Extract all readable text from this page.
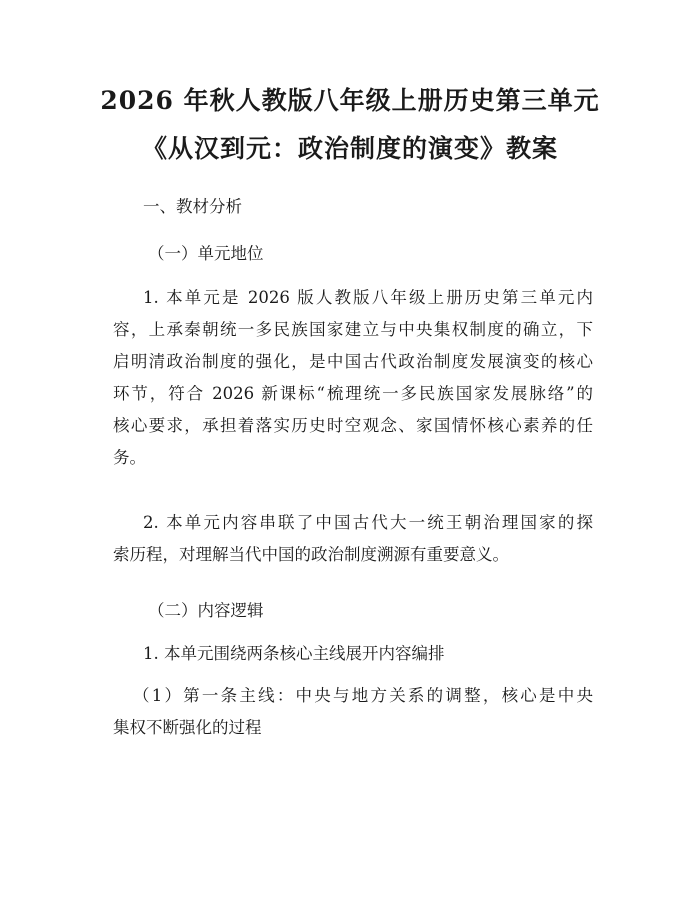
2026 年秋人教版八年级上册历史第三单元
《从汉到元：政治制度的演变》教案

一、教材分析

（一）单元地位

1. 本单元是 2026 版人教版八年级上册历史第三单元内
容，上承秦朝统一多民族国家建立与中央集权制度的确立，下
启明清政治制度的强化，是中国古代政治制度发展演变的核心
环节，符合 2026 新课标“梳理统一多民族国家发展脉络”的
核心要求，承担着落实历史时空观念、家国情怀核心素养的任
务。
2. 本单元内容串联了中国古代大一统王朝治理国家的探
索历程，对理解当代中国的政治制度溯源有重要意义。

（二）内容逻辑

1. 本单元围绕两条核心主线展开内容编排

（1）第一条主线：中央与地方关系的调整，核心是中央
集权不断强化的过程
